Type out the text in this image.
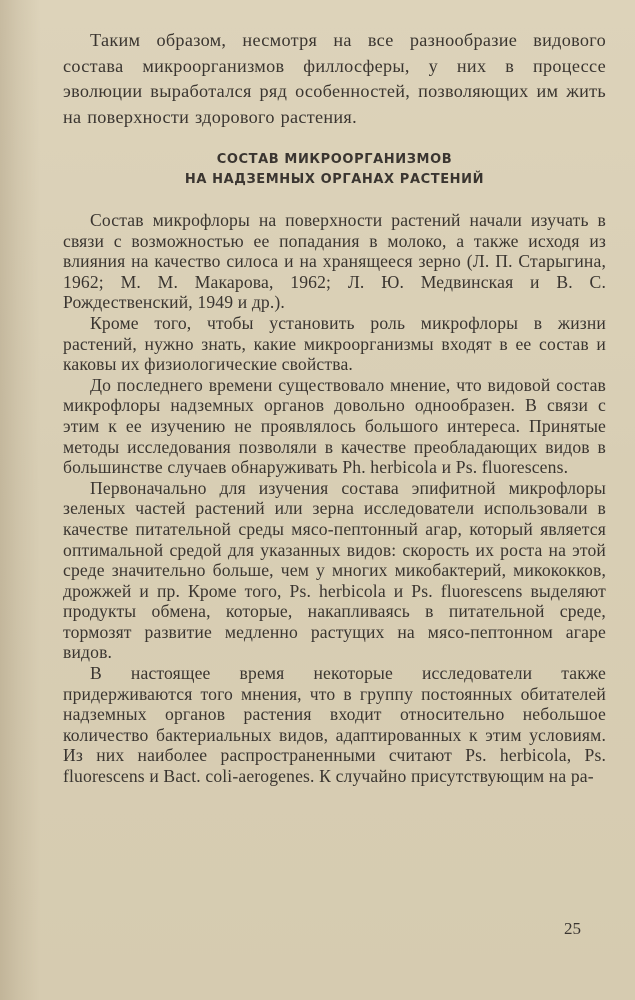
Таким образом, несмотря на все разнообразие видового состава микроорганизмов филлосферы, у них в процессе эволюции выработался ряд особенностей, позволяющих им жить на поверхности здорового растения.

СОСТАВ МИКРООРГАНИЗМОВ
НА НАДЗЕМНЫХ ОРГАНАХ РАСТЕНИЙ

Состав микрофлоры на поверхности растений начали изучать в связи с возможностью ее попадания в молоко, а также исходя из влияния на качество силоса и на хранящееся зерно (Л. П. Старыгина, 1962; М. М. Макарова, 1962; Л. Ю. Медвинская и В. С. Рождественский, 1949 и др.).

Кроме того, чтобы установить роль микрофлоры в жизни растений, нужно знать, какие микроорганизмы входят в ее состав и каковы их физиологические свойства.

До последнего времени существовало мнение, что видовой состав микрофлоры надземных органов довольно однообразен. В связи с этим к ее изучению не проявлялось большого интереса. Принятые методы исследования позволяли в качестве преобладающих видов в большинстве случаев обнаруживать Ph. herbicola и Ps. fluorescens.

Первоначально для изучения состава эпифитной микрофлоры зеленых частей растений или зерна исследователи использовали в качестве питательной среды мясо-пептонный агар, который является оптимальной средой для указанных видов: скорость их роста на этой среде значительно больше, чем у многих микобактерий, микококков, дрожжей и пр. Кроме того, Ps. herbicola и Ps. fluorescens выделяют продукты обмена, которые, накапливаясь в питательной среде, тормозят развитие медленно растущих на мясо-пептонном агаре видов.

В настоящее время некоторые исследователи также придерживаются того мнения, что в группу постоянных обитателей надземных органов растения входит относительно небольшое количество бактериальных видов, адаптированных к этим условиям. Из них наиболее распространенными считают Ps. herbicola, Ps. fluorescens и Bact. coli-aerogenes. К случайно присутствующим на ра-

25
